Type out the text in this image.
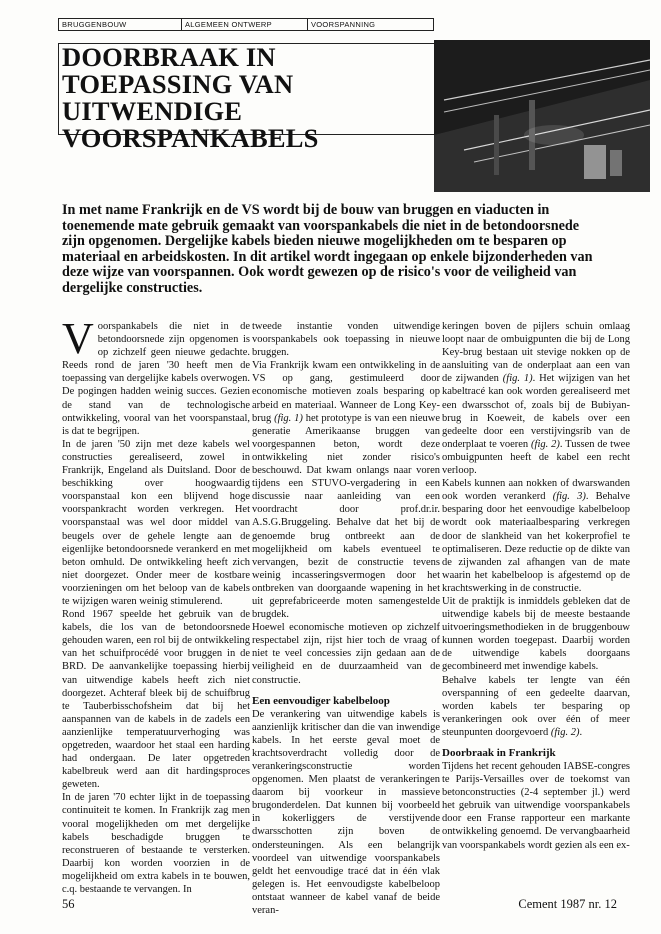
BRUGGENBOUW	ALGEMEEN ONTWERP	VOORSPANNING
DOORBRAAK IN TOEPASSING VAN UITWENDIGE VOORSPANKABELS

In met name Frankrijk en de VS wordt bij de bouw van bruggen en viaducten in toenemende mate gebruik gemaakt van voorspankabels die niet in de betondoorsnede zijn opgenomen. Dergelijke kabels bieden nieuwe mogelijkheden om te besparen op materiaal en arbeidskosten. In dit artikel wordt ingegaan op enkele bijzonderheden van deze wijze van voorspannen. Ook wordt gewezen op de risico's voor de veiligheid van dergelijke constructies.

Voorspankabels die niet in de betondoorsnede zijn opgenomen is op zichzelf geen nieuwe gedachte. Reeds rond de jaren '30 heeft men de toepassing van dergelijke kabels overwogen. De pogingen hadden weinig succes. Gezien de stand van de technologische ontwikkeling, vooral van het voorspanstaal, is dat te begrijpen.

In de jaren '50 zijn met deze kabels wel constructies gerealiseerd, zowel in Frankrijk, Engeland als Duitsland. Door de beschikking over hoogwaardig voorspanstaal kon een blijvend hoge voorspankracht worden verkregen. Het voorspanstaal was wel door middel van beugels over de gehele lengte aan de eigenlijke betondoorsnede verankerd en met beton omhuld. De ontwikkeling heeft zich niet doorgezet. Onder meer de kostbare voorzieningen om het beloop van de kabels te wijzigen waren weinig stimulerend.

Rond 1967 speelde het gebruik van de kabels, die los van de betondoorsnede gehouden waren, een rol bij de ontwikkeling van het schuifprocédé voor bruggen in de BRD. De aanvankelijke toepassing hierbij van uitwendige kabels heeft zich niet doorgezet. Achteraf bleek bij de schuifbrug te Tauberbisschofsheim dat bij het aanspannen van de kabels in de zadels een aanzienlijke temperatuurverhoging was opgetreden, waardoor het staal een harding had ondergaan. De later opgetreden kabelbreuk werd aan dit hardingsproces geweten.

In de jaren '70 echter lijkt in de toepassing continuiteit te komen. In Frankrijk zag men vooral mogelijkheden om met dergelijke kabels beschadigde bruggen te reconstrueren of bestaande te versterken. Daarbij kon worden voorzien in de mogelijkheid om extra kabels in te bouwen, c.q. bestaande te vervangen. In

tweede instantie vonden uitwendige voorspankabels ook toepassing in nieuwe bruggen.

Via Frankrijk kwam een ontwikkeling in de VS op gang, gestimuleerd door economische motieven zoals besparing op arbeid en materiaal. Wanneer de Long Key-brug (fig. 1) het prototype is van een nieuwe generatie Amerikaanse bruggen van voorgespannen beton, wordt deze ontwikkeling niet zonder risico's beschouwd. Dat kwam onlangs naar voren tijdens een STUVO-vergadering in een discussie naar aanleiding van een voordracht door prof.dr.ir. A.S.G.Bruggeling. Behalve dat het bij de genoemde brug ontbreekt aan de mogelijkheid om kabels eventueel te vervangen, bezit de constructie tevens weinig incasseringsvermogen door het ontbreken van doorgaande wapening in het uit geprefabriceerde moten samengestelde brugdek.

Hoewel economische motieven op zichzelf respectabel zijn, rijst hier toch de vraag of niet te veel concessies zijn gedaan aan de veiligheid en de duurzaamheid van de constructie.

Een eenvoudiger kabelbeloop

De verankering van uitwendige kabels is aanzienlijk kritischer dan die van inwendige kabels. In het eerste geval moet de krachtsoverdracht volledig door de verankeringsconstructie worden opgenomen. Men plaatst de verankeringen daarom bij voorkeur in massieve brugonderdelen. Dat kunnen bij voorbeeld in kokerliggers de verstijvende dwarsschotten zijn boven de ondersteuningen. Als een belangrijk voordeel van uitwendige voorspankabels geldt het eenvoudige tracé dat in één vlak gelegen is. Het eenvoudigste kabelbeloop ontstaat wanneer de kabel vanaf de beide veran-

keringen boven de pijlers schuin omlaag loopt naar de ombuigpunten die bij de Long Key-brug bestaan uit stevige nokken op de aansluiting van de onderplaat aan een van de zijwanden (fig. 1). Het wijzigen van het kabeltracé kan ook worden gerealiseerd met een dwarsschot of, zoals bij de Bubiyan-brug in Koeweit, de kabels over een gedeelte door een verstijvingsrib van de onderplaat te voeren (fig. 2). Tussen de twee ombuigpunten heeft de kabel een recht verloop.

Kabels kunnen aan nokken of dwarswanden ook worden verankerd (fig. 3). Behalve besparing door het eenvoudige kabelbeloop wordt ook materiaalbesparing verkregen door de slankheid van het kokerprofiel te optimaliseren. Deze reductie op de dikte van de zijwanden zal afhangen van de mate waarin het kabelbeloop is afgestemd op de krachtswerking in de constructie.

Uit de praktijk is inmiddels gebleken dat de uitwendige kabels bij de meeste bestaande uitvoeringsmethodieken in de bruggenbouw kunnen worden toegepast. Daarbij worden de uitwendige kabels doorgaans gecombineerd met inwendige kabels.

Behalve kabels ter lengte van één overspanning of een gedeelte daarvan, worden kabels ter besparing op verankeringen ook over één of meer steunpunten doorgevoerd (fig. 2).

Doorbraak in Frankrijk

Tijdens het recent gehouden IABSE-congres te Parijs-Versailles over de toekomst van betonconstructies (2-4 september jl.) werd het gebruik van uitwendige voorspankabels door een Franse rapporteur een markante ontwikkeling genoemd. De vervangbaarheid van voorspankabels wordt gezien als een ex-

56	Cement 1987 nr. 12
